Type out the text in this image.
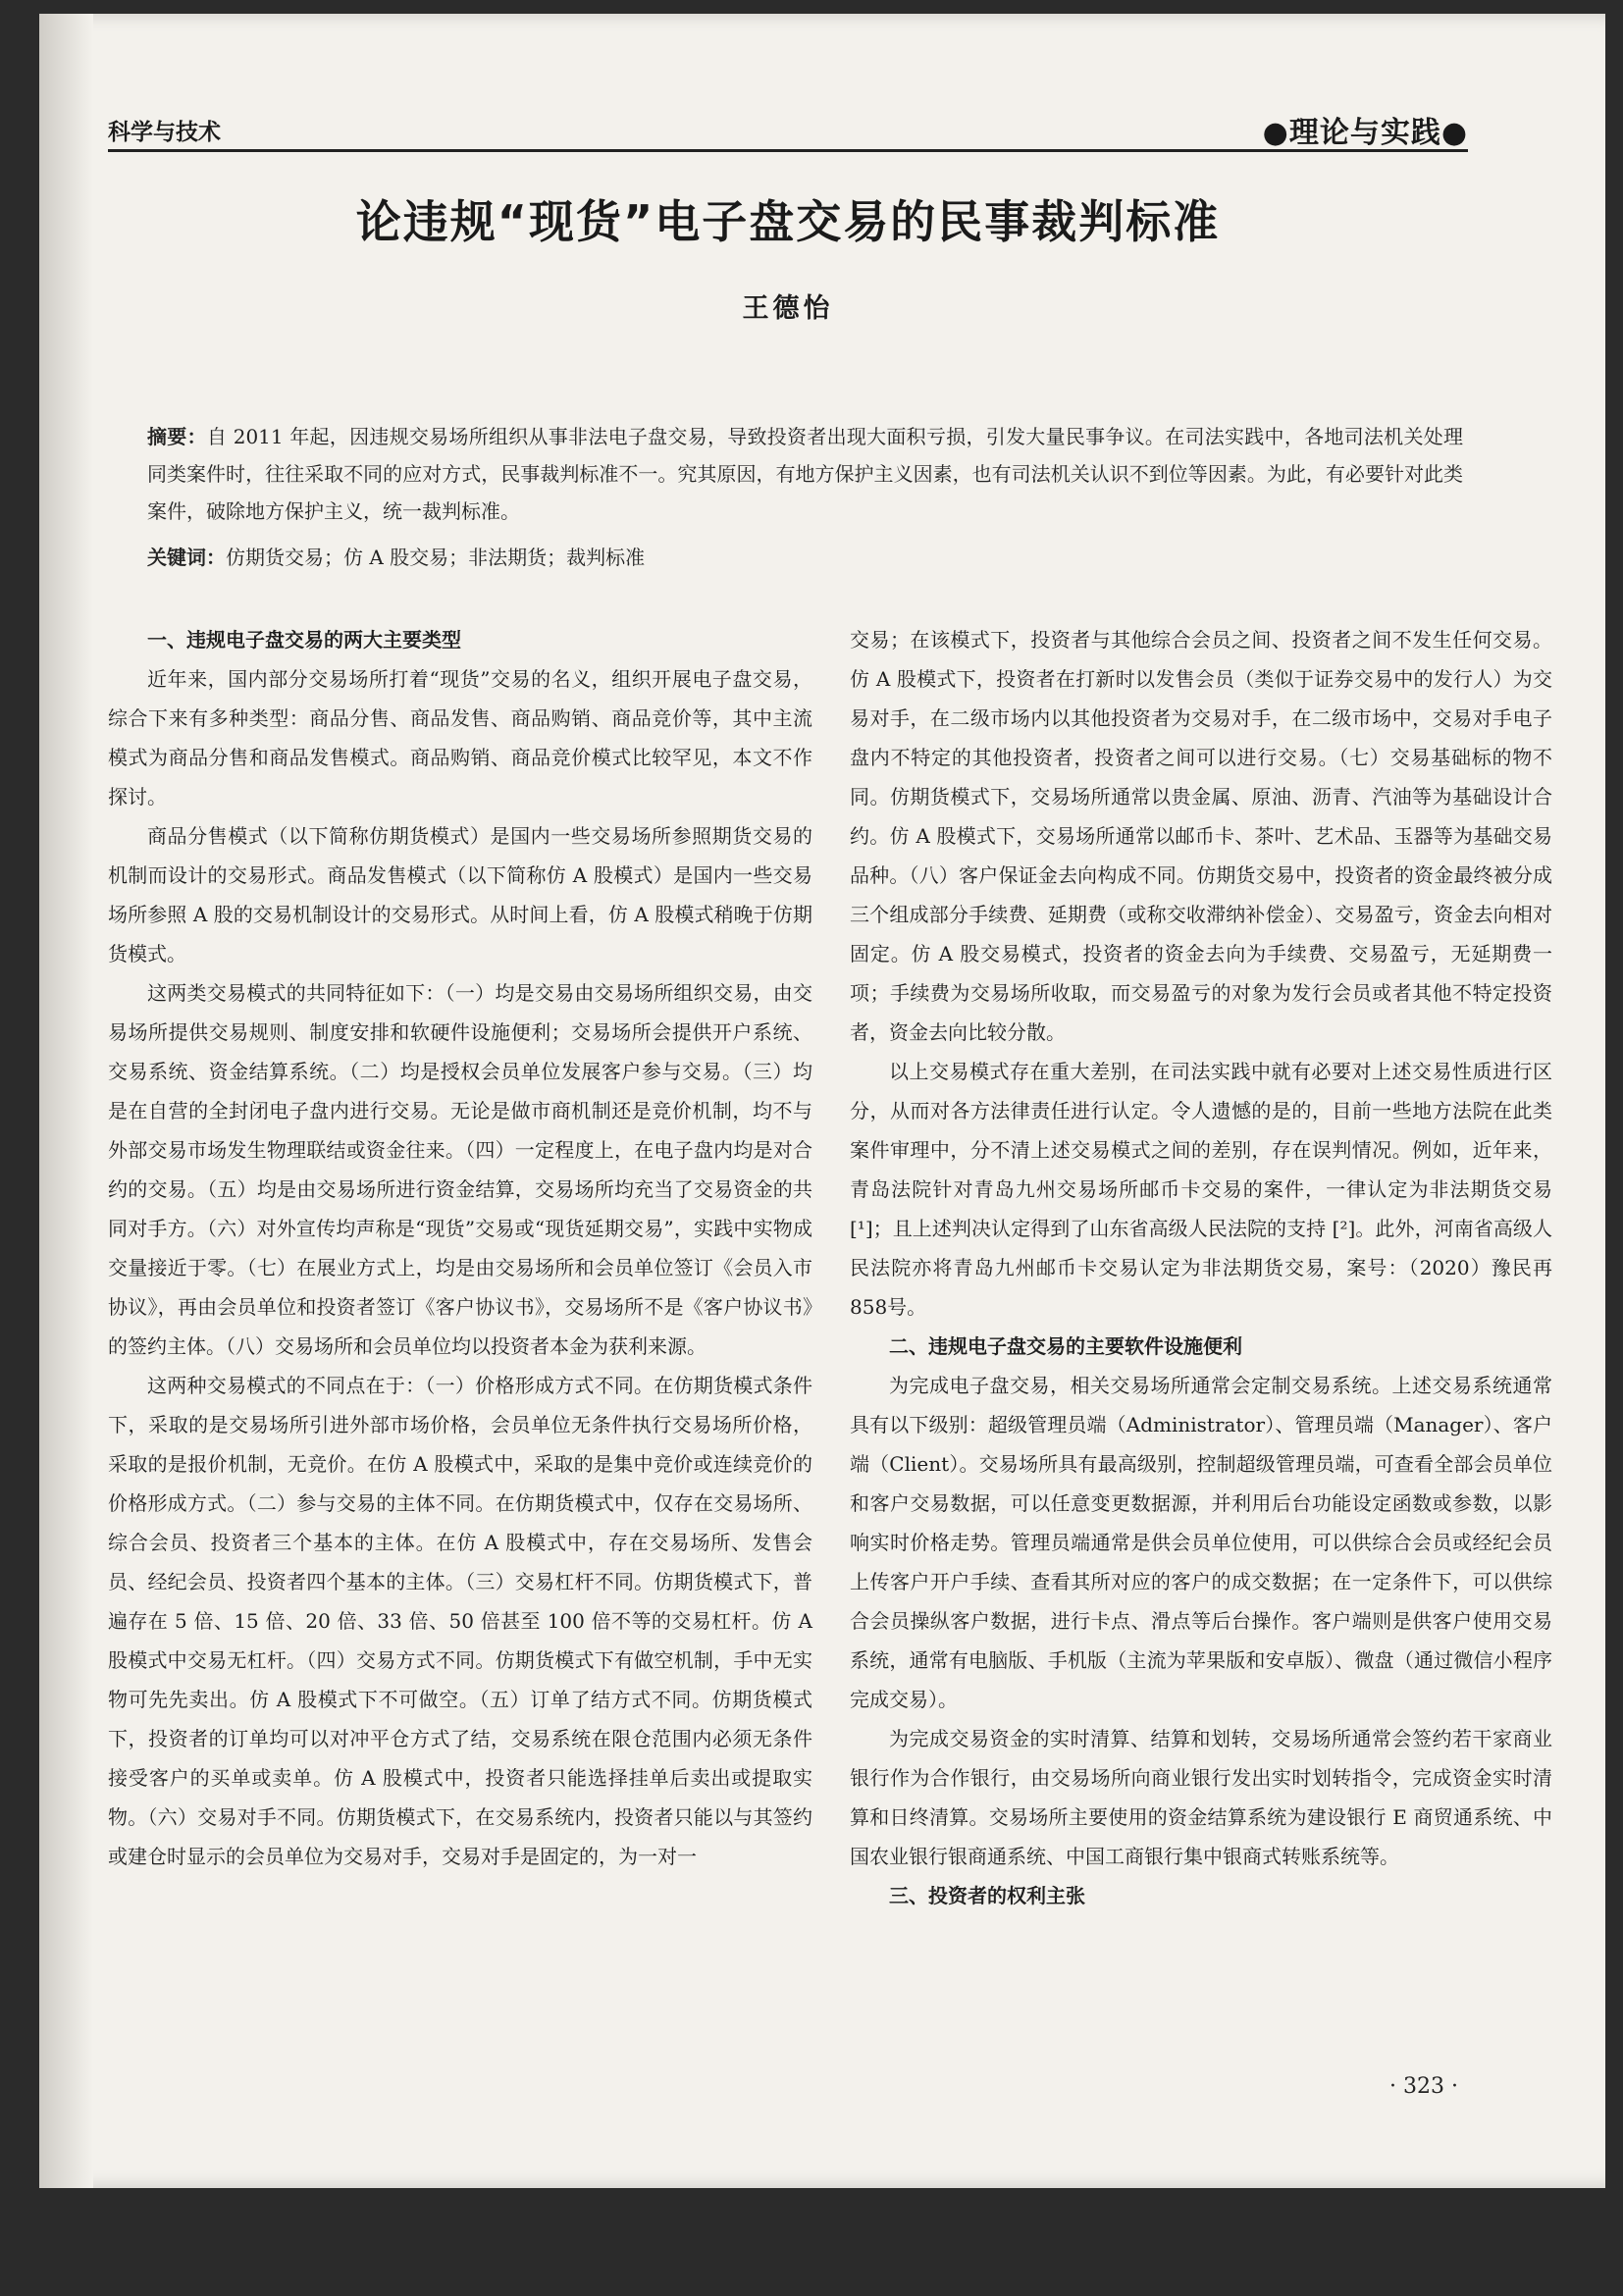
科学与技术	●理论与实践●
论违规“现货”电子盘交易的民事裁判标准
王德怡
摘要：自 2011 年起，因违规交易场所组织从事非法电子盘交易，导致投资者出现大面积亏损，引发大量民事争议。在司法实践中，各地司法机关处理同类案件时，往往采取不同的应对方式，民事裁判标准不一。究其原因，有地方保护主义因素，也有司法机关认识不到位等因素。为此，有必要针对此类案件，破除地方保护主义，统一裁判标准。
关键词：仿期货交易；仿 A 股交易；非法期货；裁判标准
一、违规电子盘交易的两大主要类型

近年来，国内部分交易场所打着“现货”交易的名义，组织开展电子盘交易，综合下来有多种类型：商品分售、商品发售、商品购销、商品竞价等，其中主流模式为商品分售和商品发售模式。商品购销、商品竞价模式比较罕见，本文不作探讨。

商品分售模式（以下简称仿期货模式）是国内一些交易场所参照期货交易的机制而设计的交易形式。商品发售模式（以下简称仿 A 股模式）是国内一些交易场所参照 A 股的交易机制设计的交易形式。从时间上看，仿 A 股模式稍晚于仿期货模式。

这两类交易模式的共同特征如下：（一）均是交易由交易场所组织交易，由交易场所提供交易规则、制度安排和软硬件设施便利；交易场所会提供开户系统、交易系统、资金结算系统。（二）均是授权会员单位发展客户参与交易。（三）均是在自营的全封闭电子盘内进行交易。无论是做市商机制还是竞价机制，均不与外部交易市场发生物理联结或资金往来。（四）一定程度上，在电子盘内均是对合约的交易。（五）均是由交易场所进行资金结算，交易场所均充当了交易资金的共同对手方。（六）对外宣传均声称是“现货”交易或“现货延期交易”，实践中实物成交量接近于零。（七）在展业方式上，均是由交易场所和会员单位签订《会员入市协议》，再由会员单位和投资者签订《客户协议书》，交易场所不是《客户协议书》的签约主体。（八）交易场所和会员单位均以投资者本金为获利来源。

这两种交易模式的不同点在于：（一）价格形成方式不同。在仿期货模式条件下，采取的是交易场所引进外部市场价格，会员单位无条件执行交易场所价格，采取的是报价机制，无竞价。在仿 A 股模式中，采取的是集中竞价或连续竞价的价格形成方式。（二）参与交易的主体不同。在仿期货模式中，仅存在交易场所、综合会员、投资者三个基本的主体。在仿 A 股模式中，存在交易场所、发售会员、经纪会员、投资者四个基本的主体。（三）交易杠杆不同。仿期货模式下，普遍存在 5 倍、15 倍、20 倍、33 倍、50 倍甚至 100 倍不等的交易杠杆。仿 A 股模式中交易无杠杆。（四）交易方式不同。仿期货模式下有做空机制，手中无实物可先先卖出。仿 A 股模式下不可做空。（五）订单了结方式不同。仿期货模式下，投资者的订单均可以对冲平仓方式了结，交易系统在限仓范围内必须无条件接受客户的买单或卖单。仿 A 股模式中，投资者只能选择挂单后卖出或提取实物。（六）交易对手不同。仿期货模式下，在交易系统内，投资者只能以与其签约或建仓时显示的会员单位为交易对手，交易对手是固定的，为一对一

交易；在该模式下，投资者与其他综合会员之间、投资者之间不发生任何交易。仿 A 股模式下，投资者在打新时以发售会员（类似于证券交易中的发行人）为交易对手，在二级市场内以其他投资者为交易对手，在二级市场中，交易对手电子盘内不特定的其他投资者，投资者之间可以进行交易。（七）交易基础标的物不同。仿期货模式下，交易场所通常以贵金属、原油、沥青、汽油等为基础设计合约。仿 A 股模式下，交易场所通常以邮币卡、茶叶、艺术品、玉器等为基础交易品种。（八）客户保证金去向构成不同。仿期货交易中，投资者的资金最终被分成三个组成部分手续费、延期费（或称交收滞纳补偿金）、交易盈亏，资金去向相对固定。仿 A 股交易模式，投资者的资金去向为手续费、交易盈亏，无延期费一项；手续费为交易场所收取，而交易盈亏的对象为发行会员或者其他不特定投资者，资金去向比较分散。

以上交易模式存在重大差别，在司法实践中就有必要对上述交易性质进行区分，从而对各方法律责任进行认定。令人遗憾的是的，目前一些地方法院在此类案件审理中，分不清上述交易模式之间的差别，存在误判情况。例如，近年来，青岛法院针对青岛九州交易场所邮币卡交易的案件，一律认定为非法期货交易 [¹]；且上述判决认定得到了山东省高级人民法院的支持 [²]。此外，河南省高级人民法院亦将青岛九州邮币卡交易认定为非法期货交易，案号：（2020）豫民再858号。

二、违规电子盘交易的主要软件设施便利

为完成电子盘交易，相关交易场所通常会定制交易系统。上述交易系统通常具有以下级别：超级管理员端（Administrator）、管理员端（Manager）、客户端（Client）。交易场所具有最高级别，控制超级管理员端，可查看全部会员单位和客户交易数据，可以任意变更数据源，并利用后台功能设定函数或参数，以影响实时价格走势。管理员端通常是供会员单位使用，可以供综合会员或经纪会员上传客户开户手续、查看其所对应的客户的成交数据；在一定条件下，可以供综合会员操纵客户数据，进行卡点、滑点等后台操作。客户端则是供客户使用交易系统，通常有电脑版、手机版（主流为苹果版和安卓版）、微盘（通过微信小程序完成交易）。

为完成交易资金的实时清算、结算和划转，交易场所通常会签约若干家商业银行作为合作银行，由交易场所向商业银行发出实时划转指令，完成资金实时清算和日终清算。交易场所主要使用的资金结算系统为建设银行 E 商贸通系统、中国农业银行银商通系统、中国工商银行集中银商式转账系统等。

三、投资者的权利主张
· 323 ·
